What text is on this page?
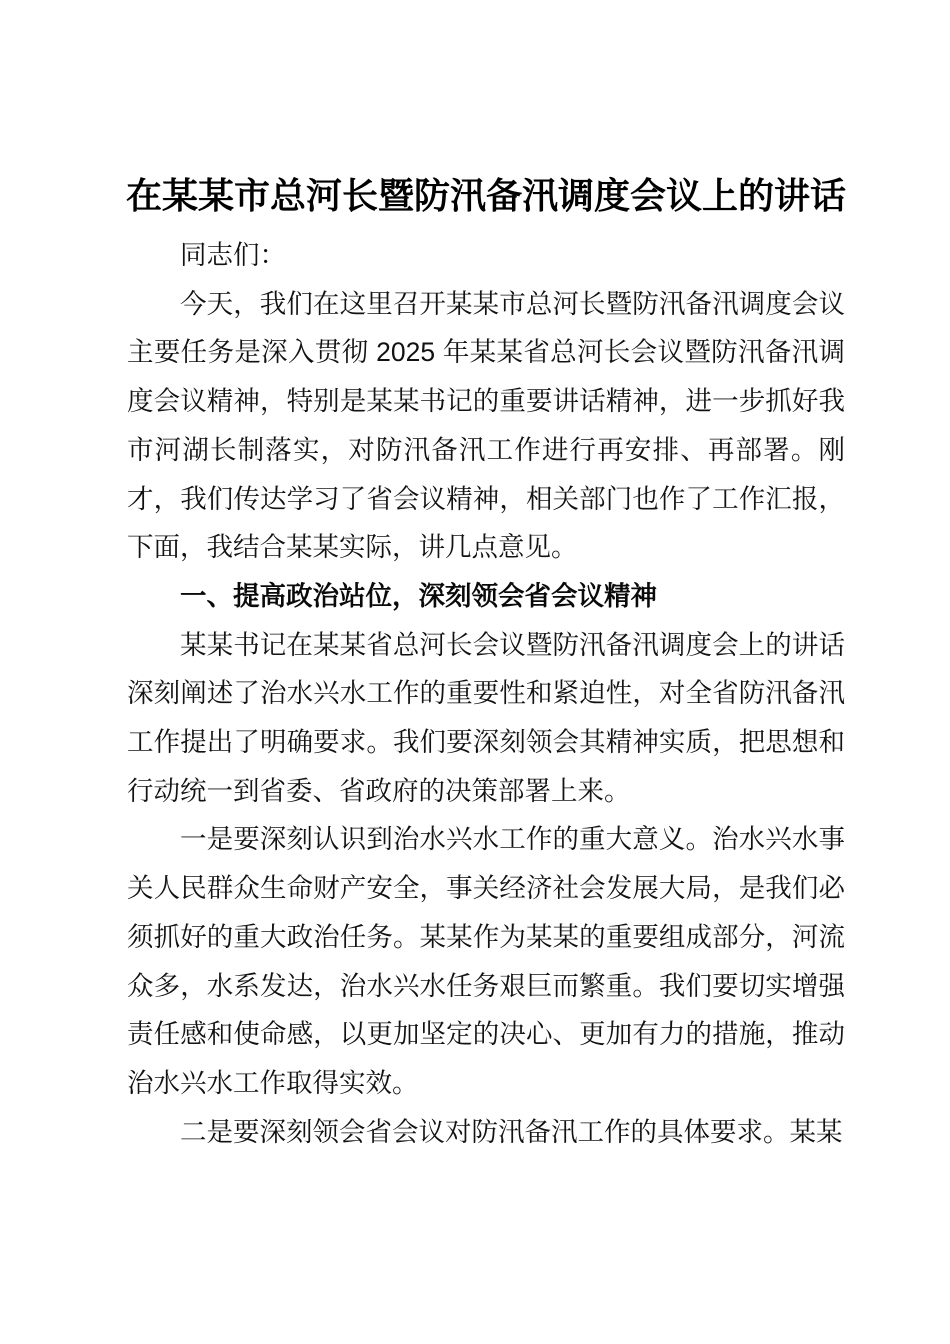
在某某市总河长暨防汛备汛调度会议上的讲话

同志们：

今天，我们在这里召开某某市总河长暨防汛备汛调度会议主要任务是深入贯彻 2025 年某某省总河长会议暨防汛备汛调度会议精神，特别是某某书记的重要讲话精神，进一步抓好我市河湖长制落实，对防汛备汛工作进行再安排、再部署。刚才，我们传达学习了省会议精神，相关部门也作了工作汇报，下面，我结合某某实际，讲几点意见。

一、提高政治站位，深刻领会省会议精神

某某书记在某某省总河长会议暨防汛备汛调度会上的讲话深刻阐述了治水兴水工作的重要性和紧迫性，对全省防汛备汛工作提出了明确要求。我们要深刻领会其精神实质，把思想和行动统一到省委、省政府的决策部署上来。

一是要深刻认识到治水兴水工作的重大意义。治水兴水事关人民群众生命财产安全，事关经济社会发展大局，是我们必须抓好的重大政治任务。某某作为某某的重要组成部分，河流众多，水系发达，治水兴水任务艰巨而繁重。我们要切实增强责任感和使命感，以更加坚定的决心、更加有力的措施，推动治水兴水工作取得实效。

二是要深刻领会省会议对防汛备汛工作的具体要求。某某
